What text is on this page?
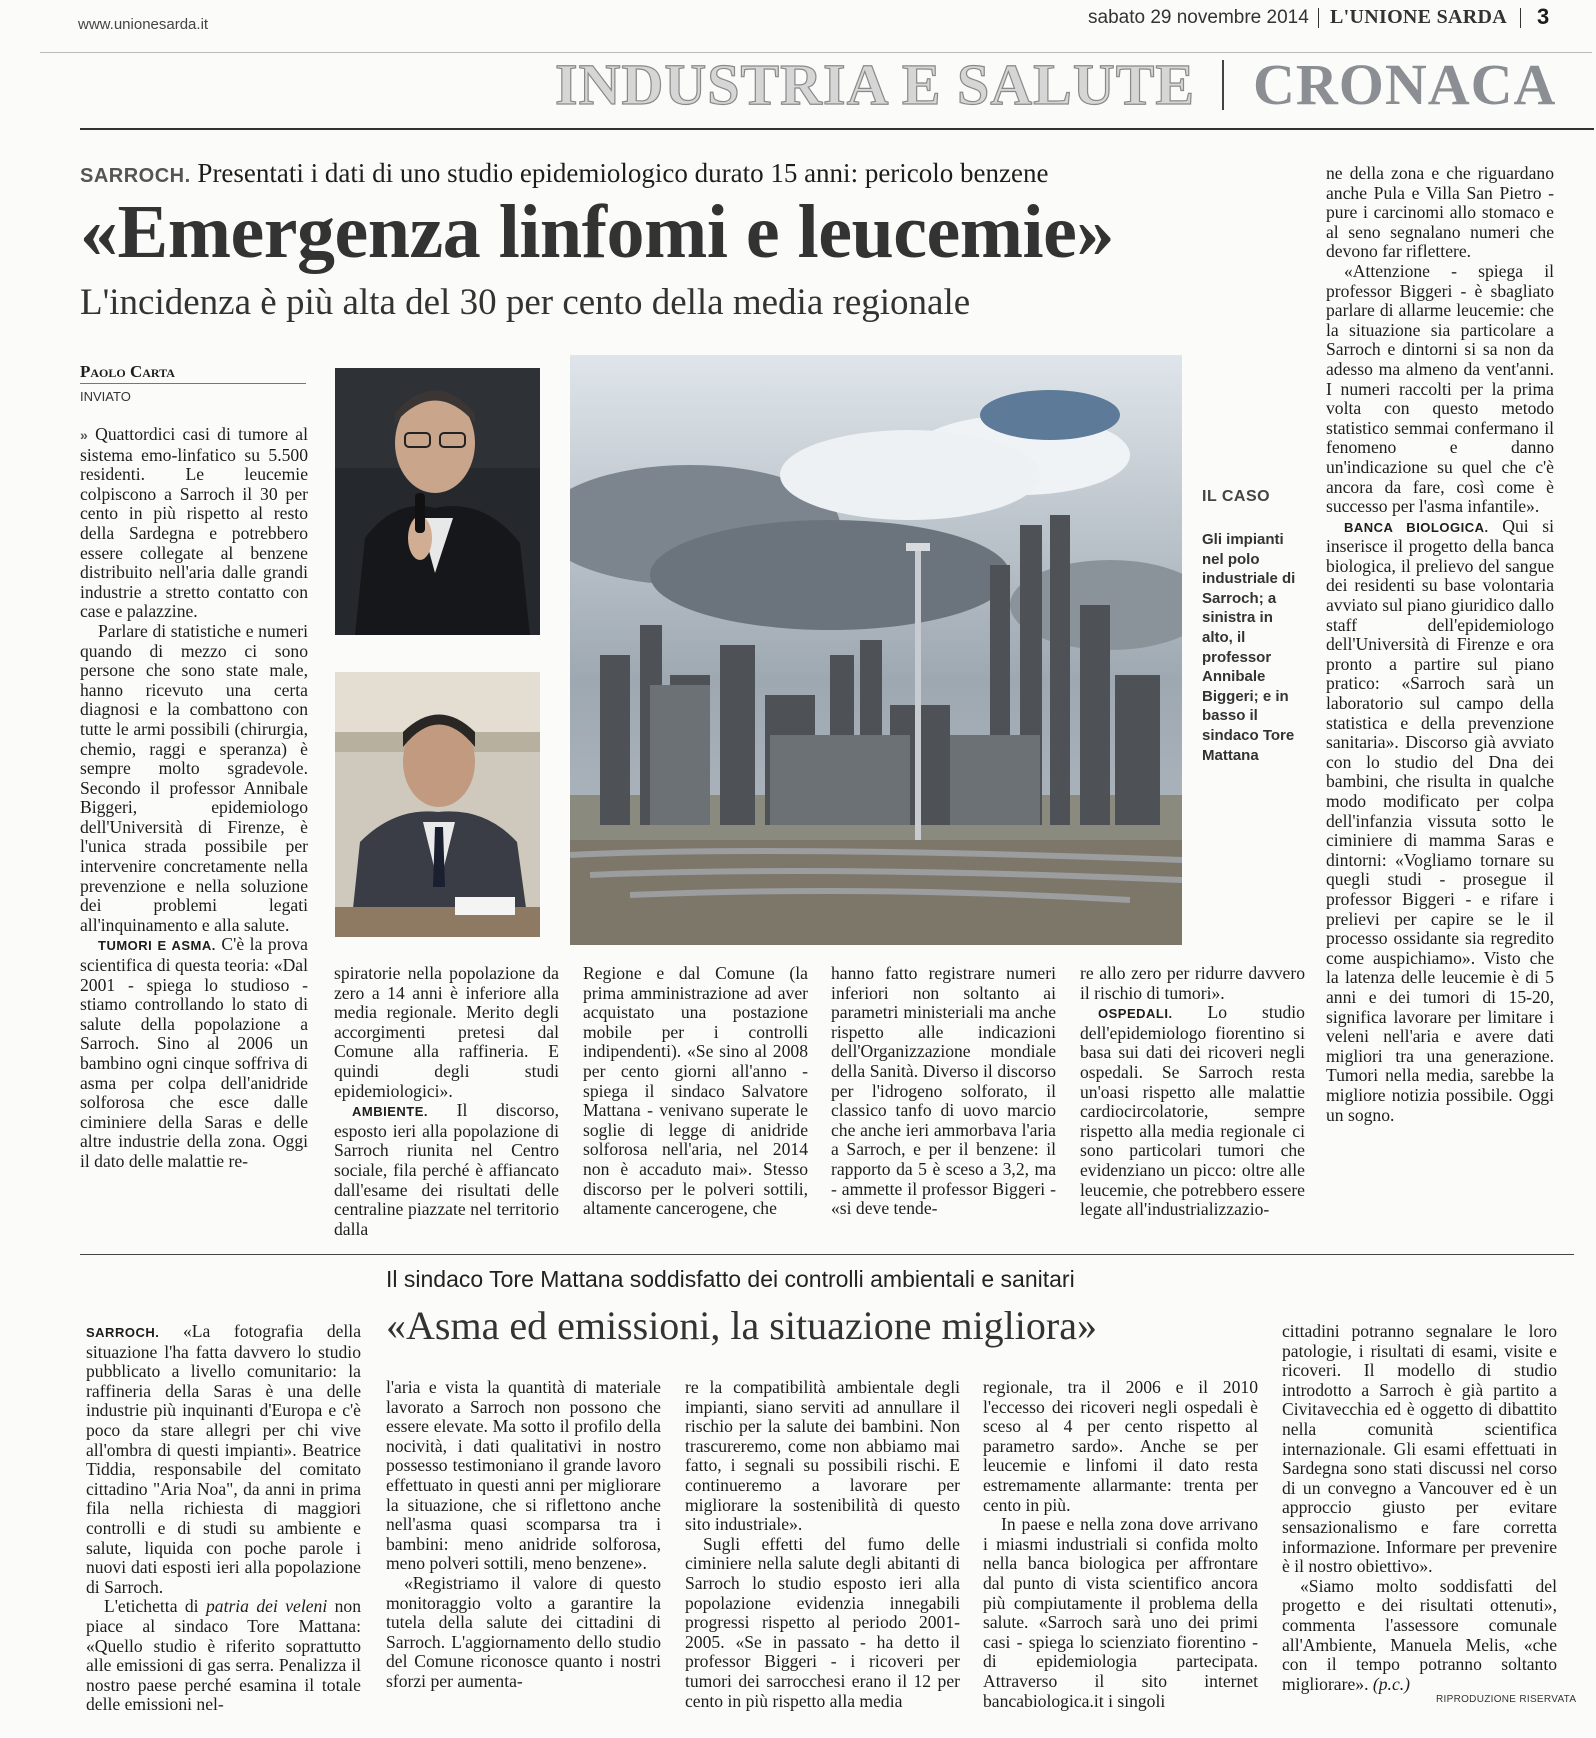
www.unionesarda.it	sabato 29 novembre 2014 L'UNIONE SARDA 3
INDUSTRIA E SALUTE CRONACA
SARROCH. Presentati i dati di uno studio epidemiologico durato 15 anni: pericolo benzene
«Emergenza linfomi e leucemie»
L'incidenza è più alta del 30 per cento della media regionale
Paolo Carta
INVIATO

» Quattordici casi di tumore al sistema emo-linfatico su 5.500 residenti. Le leucemie colpiscono a Sarroch il 30 per cento in più rispetto al resto della Sardegna e potrebbero essere collegate al benzene distribuito nell'aria dalle grandi industrie a stretto contatto con case e palazzine.

Parlare di statistiche e numeri quando di mezzo ci sono persone che sono state male, hanno ricevuto una certa diagnosi e la combattono con tutte le armi possibili (chirurgia, chemio, raggi e speranza) è sempre molto sgradevole. Secondo il professor Annibale Biggeri, epidemiologo dell'Università di Firenze, è l'unica strada possibile per intervenire concretamente nella prevenzione e nella soluzione dei problemi legati all'inquinamento e alla salute.

TUMORI E ASMA. C'è la prova scientifica di questa teoria: «Dal 2001 - spiega lo studioso - stiamo controllando lo stato di salute della popolazione a Sarroch. Sino al 2006 un bambino ogni cinque soffriva di asma per colpa dell'anidride solforosa che esce dalle ciminiere della Saras e delle altre industrie della zona. Oggi il dato delle malattie re-

IL CASO
Gli impianti nel polo industriale di Sarroch; a sinistra in alto, il professor Annibale Biggeri; e in basso il sindaco Tore Mattana

spiratorie nella popolazione da zero a 14 anni è inferiore alla media regionale. Merito degli accorgimenti pretesi dal Comune alla raffineria. E quindi degli studi epidemiologici».

AMBIENTE. Il discorso, esposto ieri alla popolazione di Sarroch riunita nel Centro sociale, fila perché è affiancato dall'esame dei risultati delle centraline piazzate nel territorio dalla

Regione e dal Comune (la prima amministrazione ad aver acquistato una postazione mobile per i controlli indipendenti). «Se sino al 2008 per cento giorni all'anno - spiega il sindaco Salvatore Mattana - venivano superate le soglie di legge di anidride solforosa nell'aria, nel 2014 non è accaduto mai». Stesso discorso per le polveri sottili, altamente cancerogene, che

hanno fatto registrare numeri inferiori non soltanto ai parametri ministeriali ma anche rispetto alle indicazioni dell'Organizzazione mondiale della Sanità. Diverso il discorso per l'idrogeno solforato, il classico tanfo di uovo marcio che anche ieri ammorbava l'aria a Sarroch, e per il benzene: il rapporto da 5 è sceso a 3,2, ma - ammette il professor Biggeri - «si deve tende-

re allo zero per ridurre davvero il rischio di tumori».

OSPEDALI. Lo studio dell'epidemiologo fiorentino si basa sui dati dei ricoveri negli ospedali. Se Sarroch resta un'oasi rispetto alle malattie cardiocircolatorie, sempre rispetto alla media regionale ci sono particolari tumori che evidenziano un picco: oltre alle leucemie, che potrebbero essere legate all'industrializzazio-

ne della zona e che riguardano anche Pula e Villa San Pietro - pure i carcinomi allo stomaco e al seno segnalano numeri che devono far riflettere.

«Attenzione - spiega il professor Biggeri - è sbagliato parlare di allarme leucemie: che la situazione sia particolare a Sarroch e dintorni si sa non da adesso ma almeno da vent'anni. I numeri raccolti per la prima volta con questo metodo statistico semmai confermano il fenomeno e danno un'indicazione su quel che c'è ancora da fare, così come è successo per l'asma infantile».

BANCA BIOLOGICA. Qui si inserisce il progetto della banca biologica, il prelievo del sangue dei residenti su base volontaria avviato sul piano giuridico dallo staff dell'epidemiologo dell'Università di Firenze e ora pronto a partire sul piano pratico: «Sarroch sarà un laboratorio sul campo della statistica e della prevenzione sanitaria». Discorso già avviato con lo studio del Dna dei bambini, che risulta in qualche modo modificato per colpa dell'infanzia vissuta sotto le ciminiere di mamma Saras e dintorni: «Vogliamo tornare su quegli studi - prosegue il professor Biggeri - e rifare i prelievi per capire se le il processo ossidante sia regredito come auspichiamo». Visto che la latenza delle leucemie è di 5 anni e dei tumori di 15-20, significa lavorare per limitare i veleni nell'aria e avere dati migliori tra una generazione. Tumori nella media, sarebbe la migliore notizia possibile. Oggi un sogno.

Il sindaco Tore Mattana soddisfatto dei controlli ambientali e sanitari
«Asma ed emissioni, la situazione migliora»

SARROCH. «La fotografia della situazione l'ha fatta davvero lo studio pubblicato a livello comunitario: la raffineria della Saras è una delle industrie più inquinanti d'Europa e c'è poco da stare allegri per chi vive all'ombra di questi impianti». Beatrice Tiddia, responsabile del comitato cittadino "Aria Noa", da anni in prima fila nella richiesta di maggiori controlli e di studi su ambiente e salute, liquida con poche parole i nuovi dati esposti ieri alla popolazione di Sarroch.

L'etichetta di patria dei veleni non piace al sindaco Tore Mattana: «Quello studio è riferito soprattutto alle emissioni di gas serra. Penalizza il nostro paese perché esamina il totale delle emissioni nel-

l'aria e vista la quantità di materiale lavorato a Sarroch non possono che essere elevate. Ma sotto il profilo della nocività, i dati qualitativi in nostro possesso testimoniano il grande lavoro effettuato in questi anni per migliorare la situazione, che si riflettono anche nell'asma quasi scomparsa tra i bambini: meno anidride solforosa, meno polveri sottili, meno benzene».

«Registriamo il valore di questo monitoraggio volto a garantire la tutela della salute dei cittadini di Sarroch. L'aggiornamento dello studio del Comune riconosce quanto i nostri sforzi per aumenta-

re la compatibilità ambientale degli impianti, siano serviti ad annullare il rischio per la salute dei bambini. Non trascureremo, come non abbiamo mai fatto, i segnali su possibili rischi. E continueremo a lavorare per migliorare la sostenibilità di questo sito industriale».

Sugli effetti del fumo delle ciminiere nella salute degli abitanti di Sarroch lo studio esposto ieri alla popolazione evidenzia innegabili progressi rispetto al periodo 2001-2005. «Se in passato - ha detto il professor Biggeri - i ricoveri per tumori dei sarrocchesi erano il 12 per cento in più rispetto alla media

regionale, tra il 2006 e il 2010 l'eccesso dei ricoveri negli ospedali è sceso al 4 per cento rispetto al parametro sardo». Anche se per leucemie e linfomi il dato resta estremamente allarmante: trenta per cento in più.

In paese e nella zona dove arrivano i miasmi industriali si confida molto nella banca biologica per affrontare dal punto di vista scientifico ancora più compiutamente il problema della salute. «Sarroch sarà uno dei primi casi - spiega lo scienziato fiorentino - di epidemiologia partecipata. Attraverso il sito internet bancabiologica.it i singoli

cittadini potranno segnalare le loro patologie, i risultati di esami, visite e ricoveri. Il modello di studio introdotto a Sarroch è già partito a Civitavecchia ed è oggetto di dibattito nella comunità scientifica internazionale. Gli esami effettuati in Sardegna sono stati discussi nel corso di un convegno a Vancouver ed è un approccio giusto per evitare sensazionalismo e fare corretta informazione. Informare per prevenire è il nostro obiettivo».

«Siamo molto soddisfatti del progetto e dei risultati ottenuti», commenta l'assessore comunale all'Ambiente, Manuela Melis, «che con il tempo potranno soltanto migliorare». (p.c.)

RIPRODUZIONE RISERVATA
